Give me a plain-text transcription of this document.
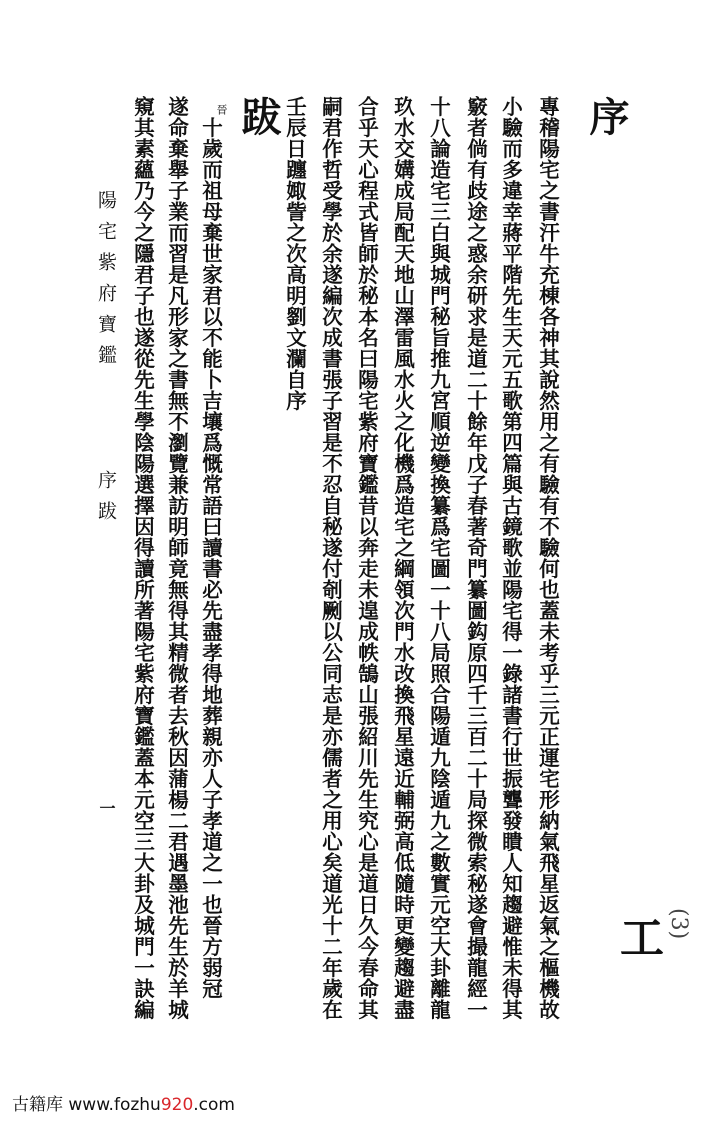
序
專稽陽宅之書汗牛充棟各神其說然用之有驗有不驗何也蓋未考乎三元正運宅形納氣飛星返氣之樞機故
小驗而多違幸蔣平階先生天元五歌第四篇與古鏡歌並陽宅得一錄諸書行世振聾發瞶人知趨避惟未得其
竅者倘有歧途之惑余研求是道二十餘年戊子春著奇門纂圖鈎原四千三百二十局探微索秘遂會撮龍經一
十八論造宅三白與城門秘旨推九宮順逆變換纂爲宅圖一十八局照合陽遁九陰遁九之數實元空大卦離龍
玖水交媾成局配天地山澤雷風水火之化機爲造宅之綱領次門水改換飛星遠近輔弼高低隨時更變趨避盡
合乎天心程式皆師於秘本名曰陽宅紫府寶鑑昔以奔走未遑成帙鵠山張紹川先生究心是道日久今春命其
嗣君作哲受學於余遂編次成書張子習是不忍自秘遂付剞劂以公同志是亦儒者之用心矣道光十二年歲在
壬辰日躔娵訾之次高明劉文瀾自序
跋
晉
十歲而祖母棄世家君以不能卜吉壤爲慨常語曰讀書必先盡孝得地葬親亦人子孝道之一也晉方弱冠
遂命棄舉子業而習是凡形家之書無不瀏覽兼訪明師竟無得其精微者去秋因蒲楊二君遇墨池先生於羊城
窺其素蘊乃今之隱君子也遂從先生學陰陽選擇因得讀所著陽宅紫府寶鑑蓋本元空三大卦及城門一訣編
陽宅紫府寶鑑
序跋
一
工 (3)
古籍库 www.fozhu920.com
